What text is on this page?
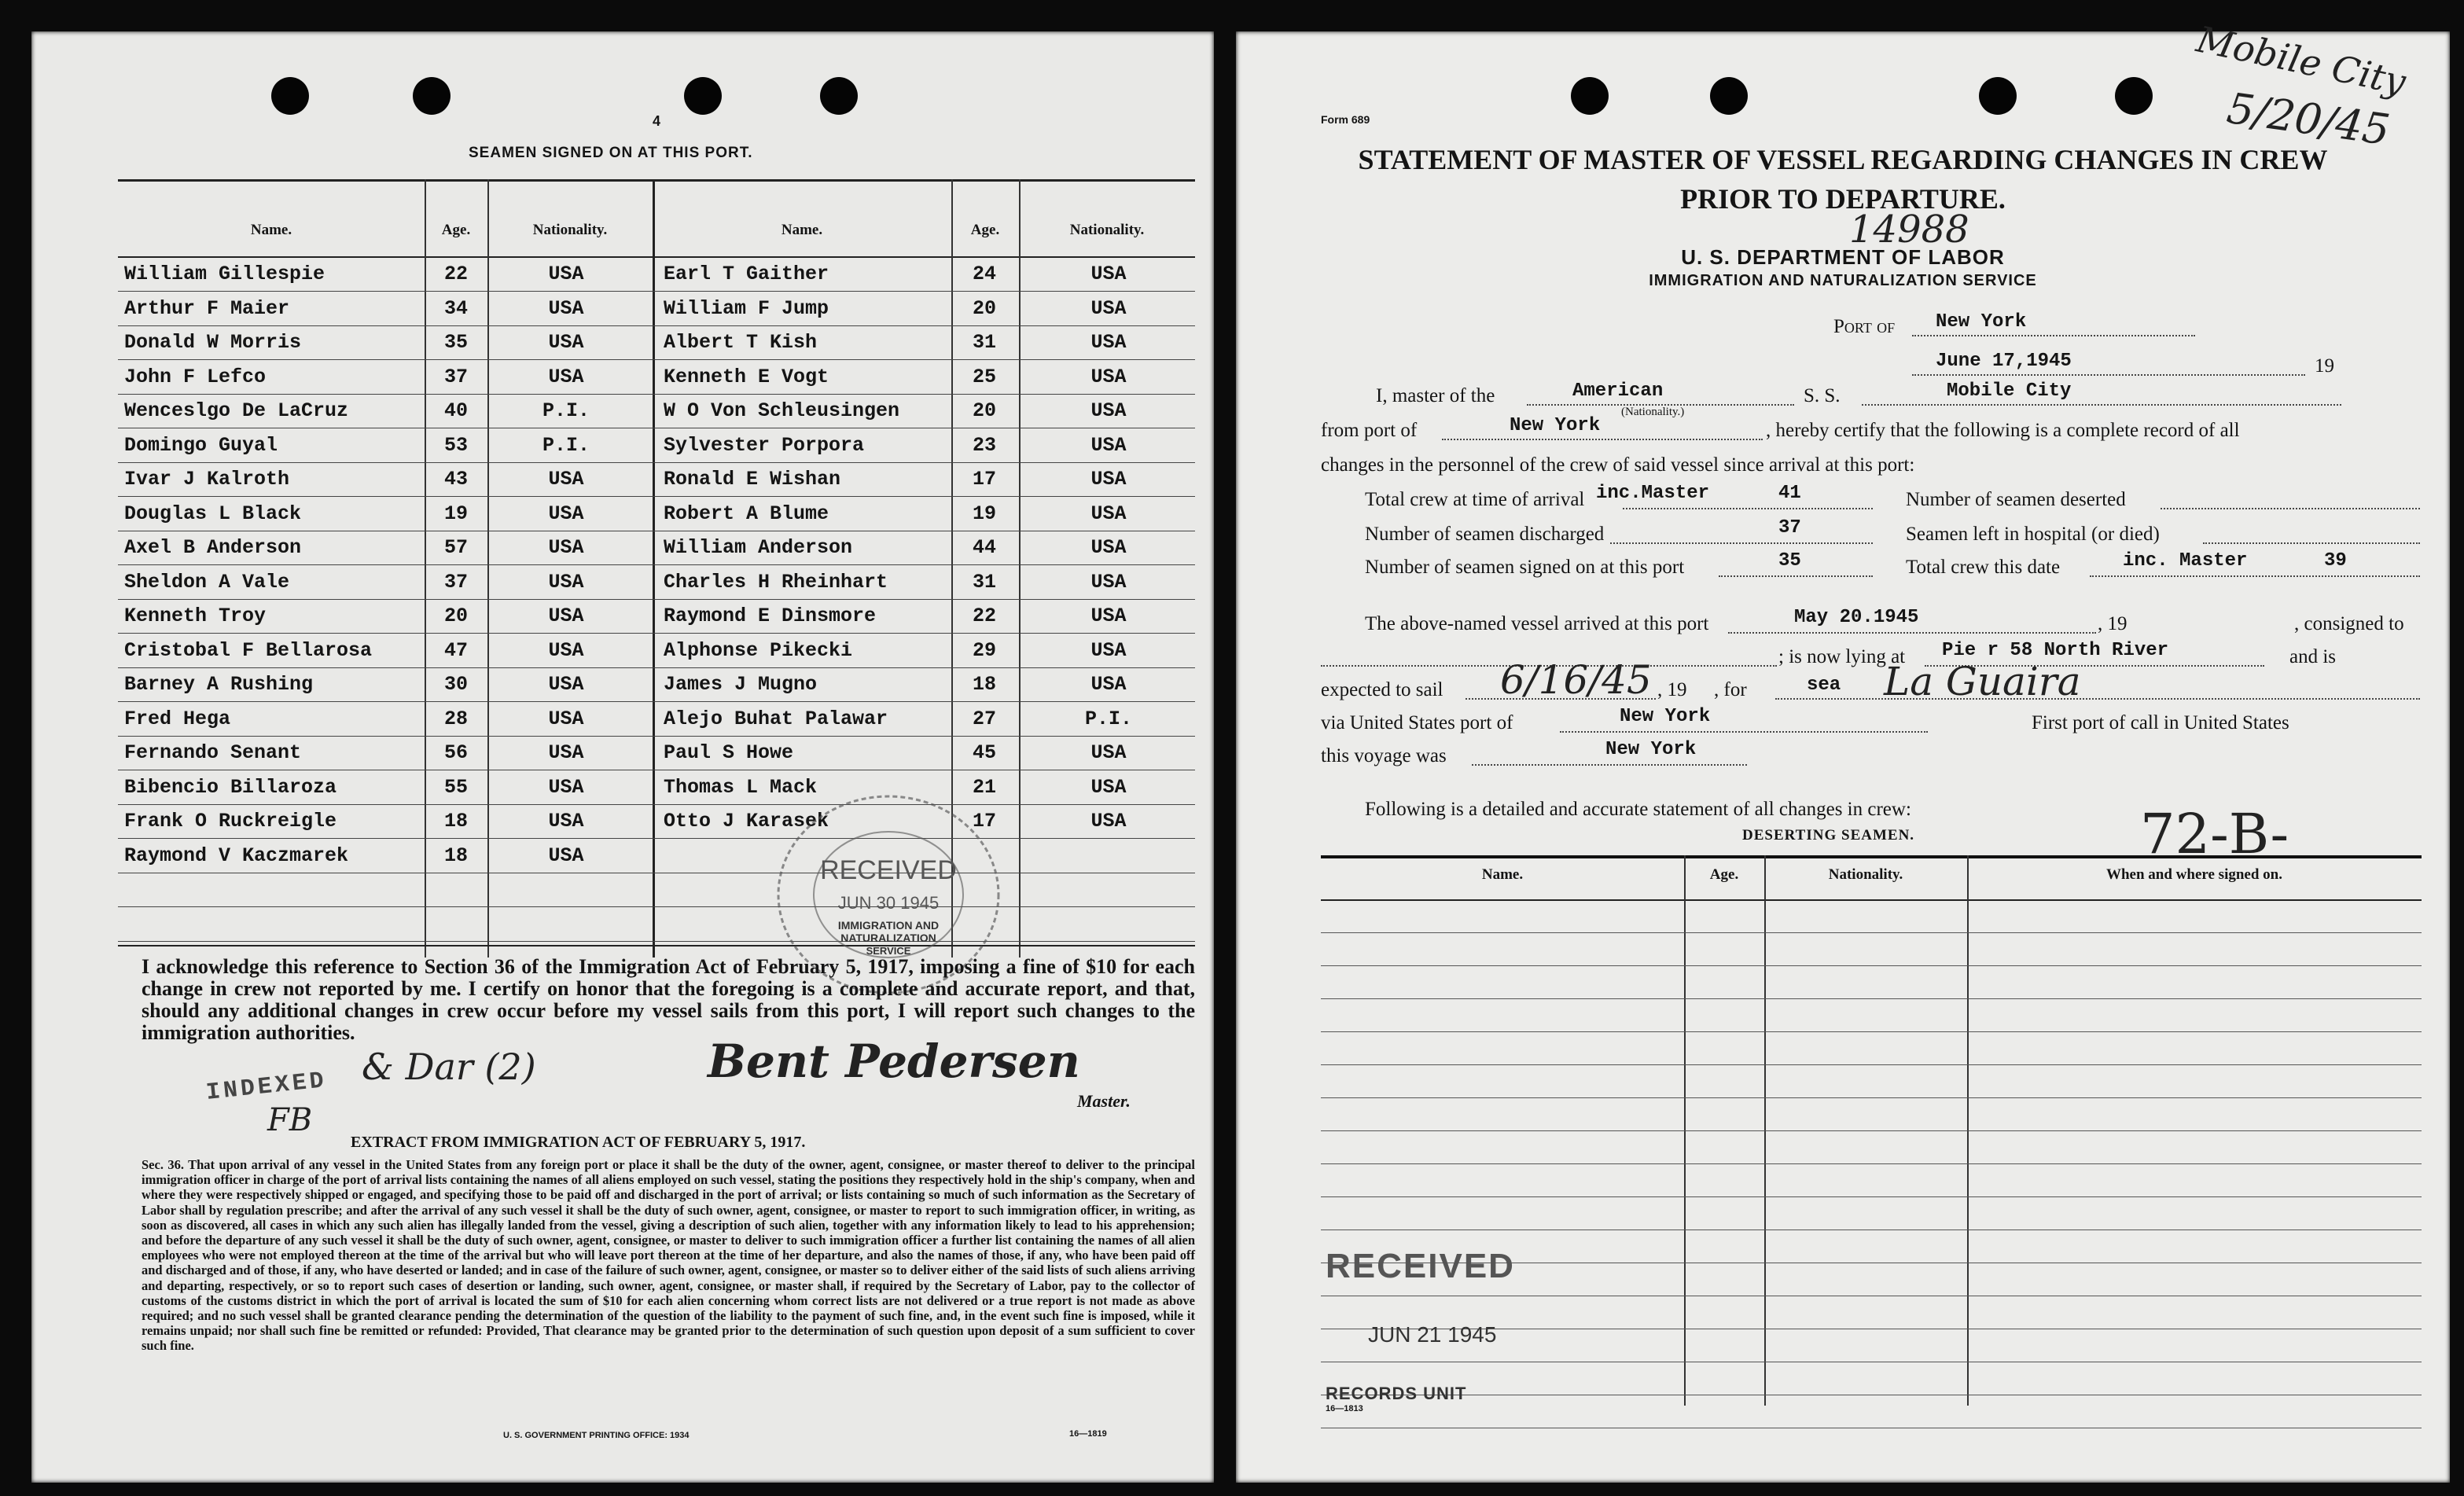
4
SEAMEN SIGNED ON AT THIS PORT.
Name.	Age.	Nationality.	Name.	Age.	Nationality.
William Gillespie	22	USA	Earl T Gaither	24	USA
Arthur F Maier	34	USA	William F Jump	20	USA
Donald W Morris	35	USA	Albert T Kish	31	USA
John F Lefco	37	USA	Kenneth E Vogt	25	USA
Wenceslgo De LaCruz	40	P.I.	W O Von Schleusingen	20	USA
Domingo Guyal	53	P.I.	Sylvester Porpora	23	USA
Ivar J Kalroth	43	USA	Ronald E Wishan	17	USA
Douglas L Black	19	USA	Robert A Blume	19	USA
Axel B Anderson	57	USA	William Anderson	44	USA
Sheldon A Vale	37	USA	Charles H Rheinhart	31	USA
Kenneth Troy	20	USA	Raymond E Dinsmore	22	USA
Cristobal F Bellarosa	47	USA	Alphonse Pikecki	29	USA
Barney A Rushing	30	USA	James J Mugno	18	USA
Fred Hega	28	USA	Alejo Buhat Palawar	27	P.I.
Fernando Senant	56	USA	Paul S Howe	45	USA
Bibencio Billaroza	55	USA	Thomas L Mack	21	USA
Frank O Ruckreigle	18	USA	Otto J Karasek	17	USA
Raymond V Kaczmarek	18	USA	RECEIVED
JUN 30 1945
IMMIGRATION AND
NATURALIZATION
SERVICE
I acknowledge this reference to Section 36 of the Immigration Act of February 5, 1917, imposing a fine of $10 for each change in crew not reported by me. I certify on honor that the foregoing is a complete and accurate report, and that, should any additional changes in crew occur before my vessel sails from this port, I will report such changes to the immigration authorities.
Bent Pedersen
Master.
INDEXED & Dar (2)
FB
EXTRACT FROM IMMIGRATION ACT OF FEBRUARY 5, 1917.
Sec. 36. That upon arrival of any vessel in the United States from any foreign port or place it shall be the duty of the owner, agent, consignee, or master thereof to deliver to the principal immigration officer in charge of the port of arrival lists containing the names of all aliens employed on such vessel, stating the positions they respectively hold in the ship's company, when and where they were respectively shipped or engaged, and specifying those to be paid off and discharged in the port of arrival; or lists containing so much of such information as the Secretary of Labor shall by regulation prescribe; and after the arrival of any such vessel it shall be the duty of such owner, agent, consignee, or master to report to such immigration officer, in writing, as soon as discovered, all cases in which any such alien has illegally landed from the vessel, giving a description of such alien, together with any information likely to lead to his apprehension; and before the departure of any such vessel it shall be the duty of such owner, agent, consignee, or master to deliver to such immigration officer a further list containing the names of all alien employees who were not employed thereon at the time of the arrival but who will leave port thereon at the time of her departure, and also the names of those, if any, who have been paid off and discharged and of those, if any, who have deserted or landed; and in case of the failure of such owner, agent, consignee, or master so to deliver either of the said lists of such aliens arriving and departing, respectively, or so to report such cases of desertion or landing, such owner, agent, consignee, or master shall, if required by the Secretary of Labor, pay to the collector of customs of the customs district in which the port of arrival is located the sum of $10 for each alien concerning whom correct lists are not delivered or a true report is not made as above required; and no such vessel shall be granted clearance pending the determination of the question of the liability to the payment of such fine, and, in the event such fine is imposed, while it remains unpaid; nor shall such fine be remitted or refunded: Provided, That clearance may be granted prior to the determination of such question upon deposit of a sum sufficient to cover such fine.
U. S. GOVERNMENT PRINTING OFFICE: 1934	16—1819
Mobile City
5/20/45
Form 689
STATEMENT OF MASTER OF VESSEL REGARDING CHANGES IN CREW
PRIOR TO DEPARTURE.
14988
U. S. DEPARTMENT OF LABOR
IMMIGRATION AND NATURALIZATION SERVICE
Port of New York
June 17,1945	19
I, master of the	American
(Nationality.)
S. S.	Mobile City
from port of	New York	, hereby certify that the following is a complete record of all
changes in the personnel of the crew of said vessel since arrival at this port:
Total crew at time of arrival inc.Master	41	Number of seamen deserted
Number of seamen discharged	37	Seamen left in hospital (or died)
Number of seamen signed on at this port	35	Total crew this date	inc. Master	39
The above-named vessel arrived at this port	May 20.1945	, 19	, consigned to
; is now lying at Pie r 58 North River	and is
expected to sail 6/16/45 , 19 , for	sea La Guaira
via United States port of	New York	First port of call in United States
this voyage was	New York
Following is a detailed and accurate statement of all changes in crew:
DESERTING SEAMEN.	72-B-
Name.	Age.	Nationality.	When and where signed on.
RECEIVED
JUN 21 1945
RECORDS UNIT
16—1813
